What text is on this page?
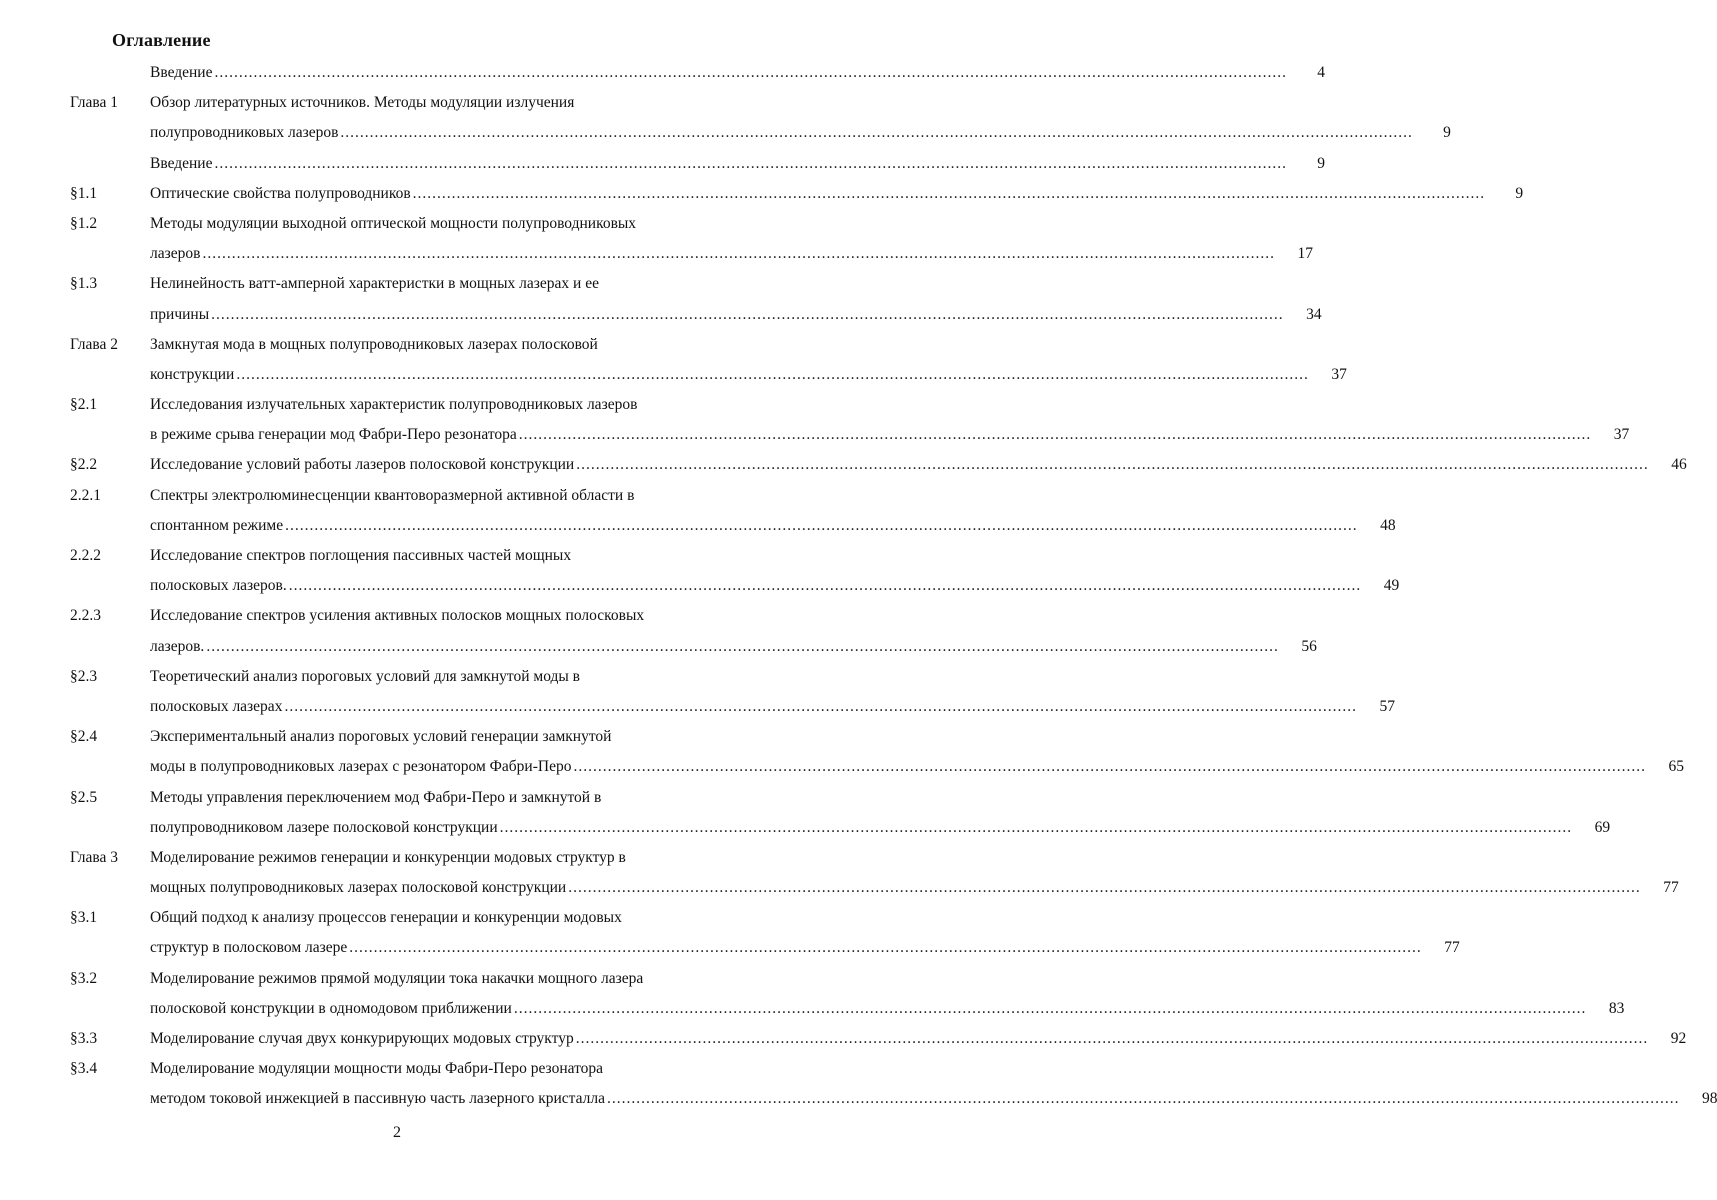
Оглавление
Введение ............................................................................................................................................................................................................................	4
Глава 1 Обзор литературных источников. Методы модуляции излучения
полупроводниковых лазеров ............................................................................................................................................................................................................................	9
Введение ............................................................................................................................................................................................................................	9
§1.1	Оптические свойства полупроводников ............................................................................................................................................................................................................................	9
§1.2	Методы модуляции выходной оптической мощности полупроводниковых
лазеров ............................................................................................................................................................................................................................	17
§1.3	Нелинейность ватт-амперной характеристки в мощных лазерах и ее
причины ............................................................................................................................................................................................................................	34
Глава 2 Замкнутая мода в мощных полупроводниковых лазерах полосковой
конструкции ............................................................................................................................................................................................................................	37
§2.1	Исследования излучательных характеристик полупроводниковых лазеров
в режиме срыва генерации мод Фабри-Перо резонатора ............................................................................................................................................................................................................................	37
§2.2	Исследование условий работы лазеров полосковой конструкции ............................................................................................................................................................................................................................	46
2.2.1	Спектры электролюминесценции квантоворазмерной активной области в
спонтанном режиме ............................................................................................................................................................................................................................	48
2.2.2	Исследование спектров поглощения пассивных частей мощных
полосковых лазеров. ............................................................................................................................................................................................................................	49
2.2.3	Исследование спектров усиления активных полосков мощных полосковых
лазеров. ............................................................................................................................................................................................................................	56
§2.3	Теоретический анализ пороговых условий для замкнутой моды в
полосковых лазерах ............................................................................................................................................................................................................................	57
§2.4	Экспериментальный анализ пороговых условий генерации замкнутой
моды в полупроводниковых лазерах с резонатором Фабри-Перо ............................................................................................................................................................................................................................	65
§2.5	Методы управления переключением мод Фабри-Перо и замкнутой в
полупроводниковом лазере полосковой конструкции ............................................................................................................................................................................................................................	69
Глава 3 Моделирование режимов генерации и конкуренции модовых структур в
мощных полупроводниковых лазерах полосковой конструкции ............................................................................................................................................................................................................................	77
§3.1	Общий подход к анализу процессов генерации и конкуренции модовых
структур в полосковом лазере ............................................................................................................................................................................................................................	77
§3.2	Моделирование режимов прямой модуляции тока накачки мощного лазера
полосковой конструкции в одномодовом приближении ............................................................................................................................................................................................................................	83
§3.3	Моделирование случая двух конкурирующих модовых структур ............................................................................................................................................................................................................................	92
§3.4	Моделирование модуляции мощности моды Фабри-Перо резонатора
методом токовой инжекцией в пассивную часть лазерного кристалла ............................................................................................................................................................................................................................	98
2
